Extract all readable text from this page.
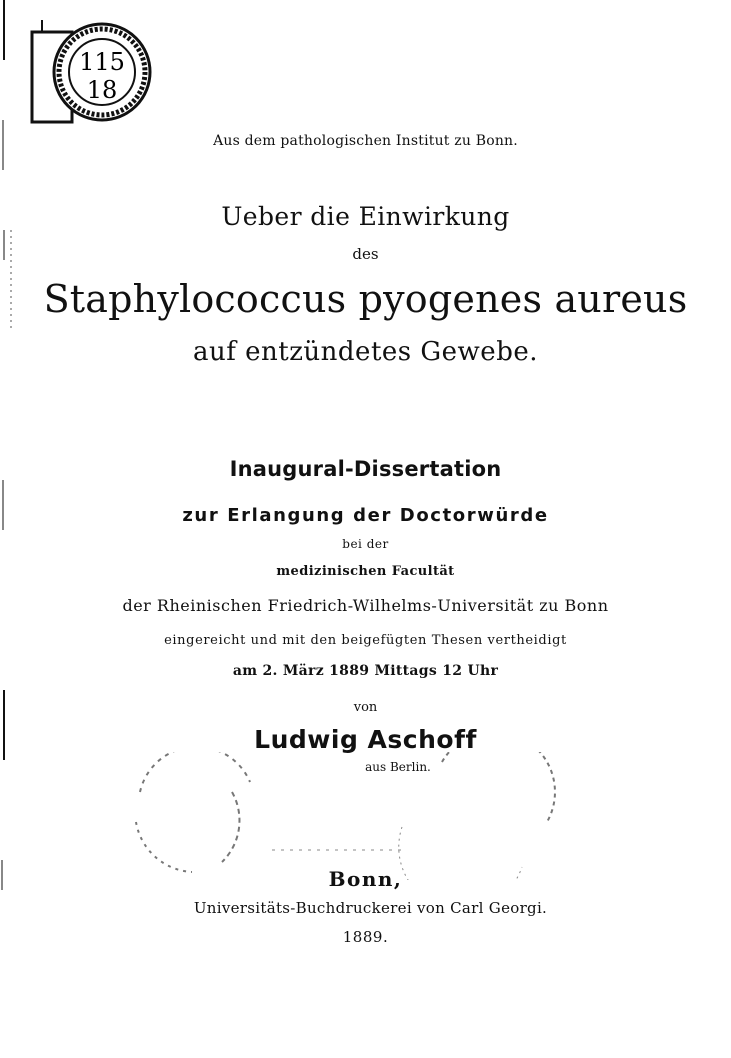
115
18
Aus dem pathologischen Institut zu Bonn.
Ueber die Einwirkung
des
Staphylococcus pyogenes aureus
auf entzündetes Gewebe.
Inaugural-Dissertation
zur Erlangung der Doctorwürde
bei der
medizinischen Facultät
der Rheinischen Friedrich-Wilhelms-Universität zu Bonn
eingereicht und mit den beigefügten Thesen vertheidigt
am 2. März 1889 Mittags 12 Uhr
von
Ludwig Aschoff
aus Berlin.
Bonn,
Universitäts-Buchdruckerei von Carl Georgi.
1889.
